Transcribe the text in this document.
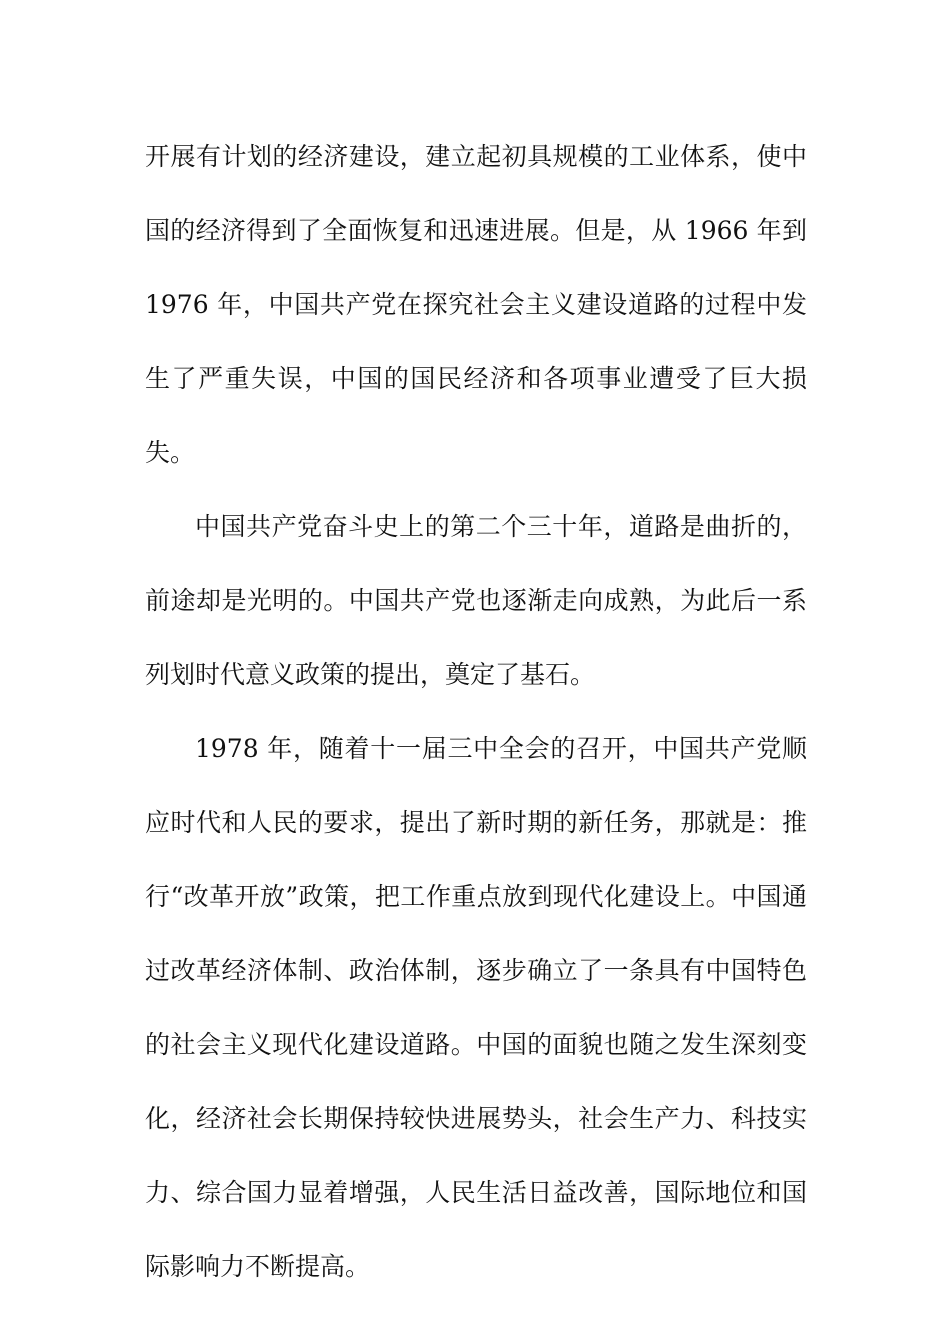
开展有计划的经济建设，建立起初具规模的工业体系，使中国的经济得到了全面恢复和迅速进展。但是，从 1966 年到 1976 年，中国共产党在探究社会主义建设道路的过程中发生了严重失误，中国的国民经济和各项事业遭受了巨大损失。

中国共产党奋斗史上的第二个三十年，道路是曲折的，前途却是光明的。中国共产党也逐渐走向成熟，为此后一系列划时代意义政策的提出，奠定了基石。

1978 年，随着十一届三中全会的召开，中国共产党顺应时代和人民的要求，提出了新时期的新任务，那就是：推行“改革开放”政策，把工作重点放到现代化建设上。中国通过改革经济体制、政治体制，逐步确立了一条具有中国特色的社会主义现代化建设道路。中国的面貌也随之发生深刻变化，经济社会长期保持较快进展势头，社会生产力、科技实力、综合国力显着增强，人民生活日益改善，国际地位和国际影响力不断提高。
